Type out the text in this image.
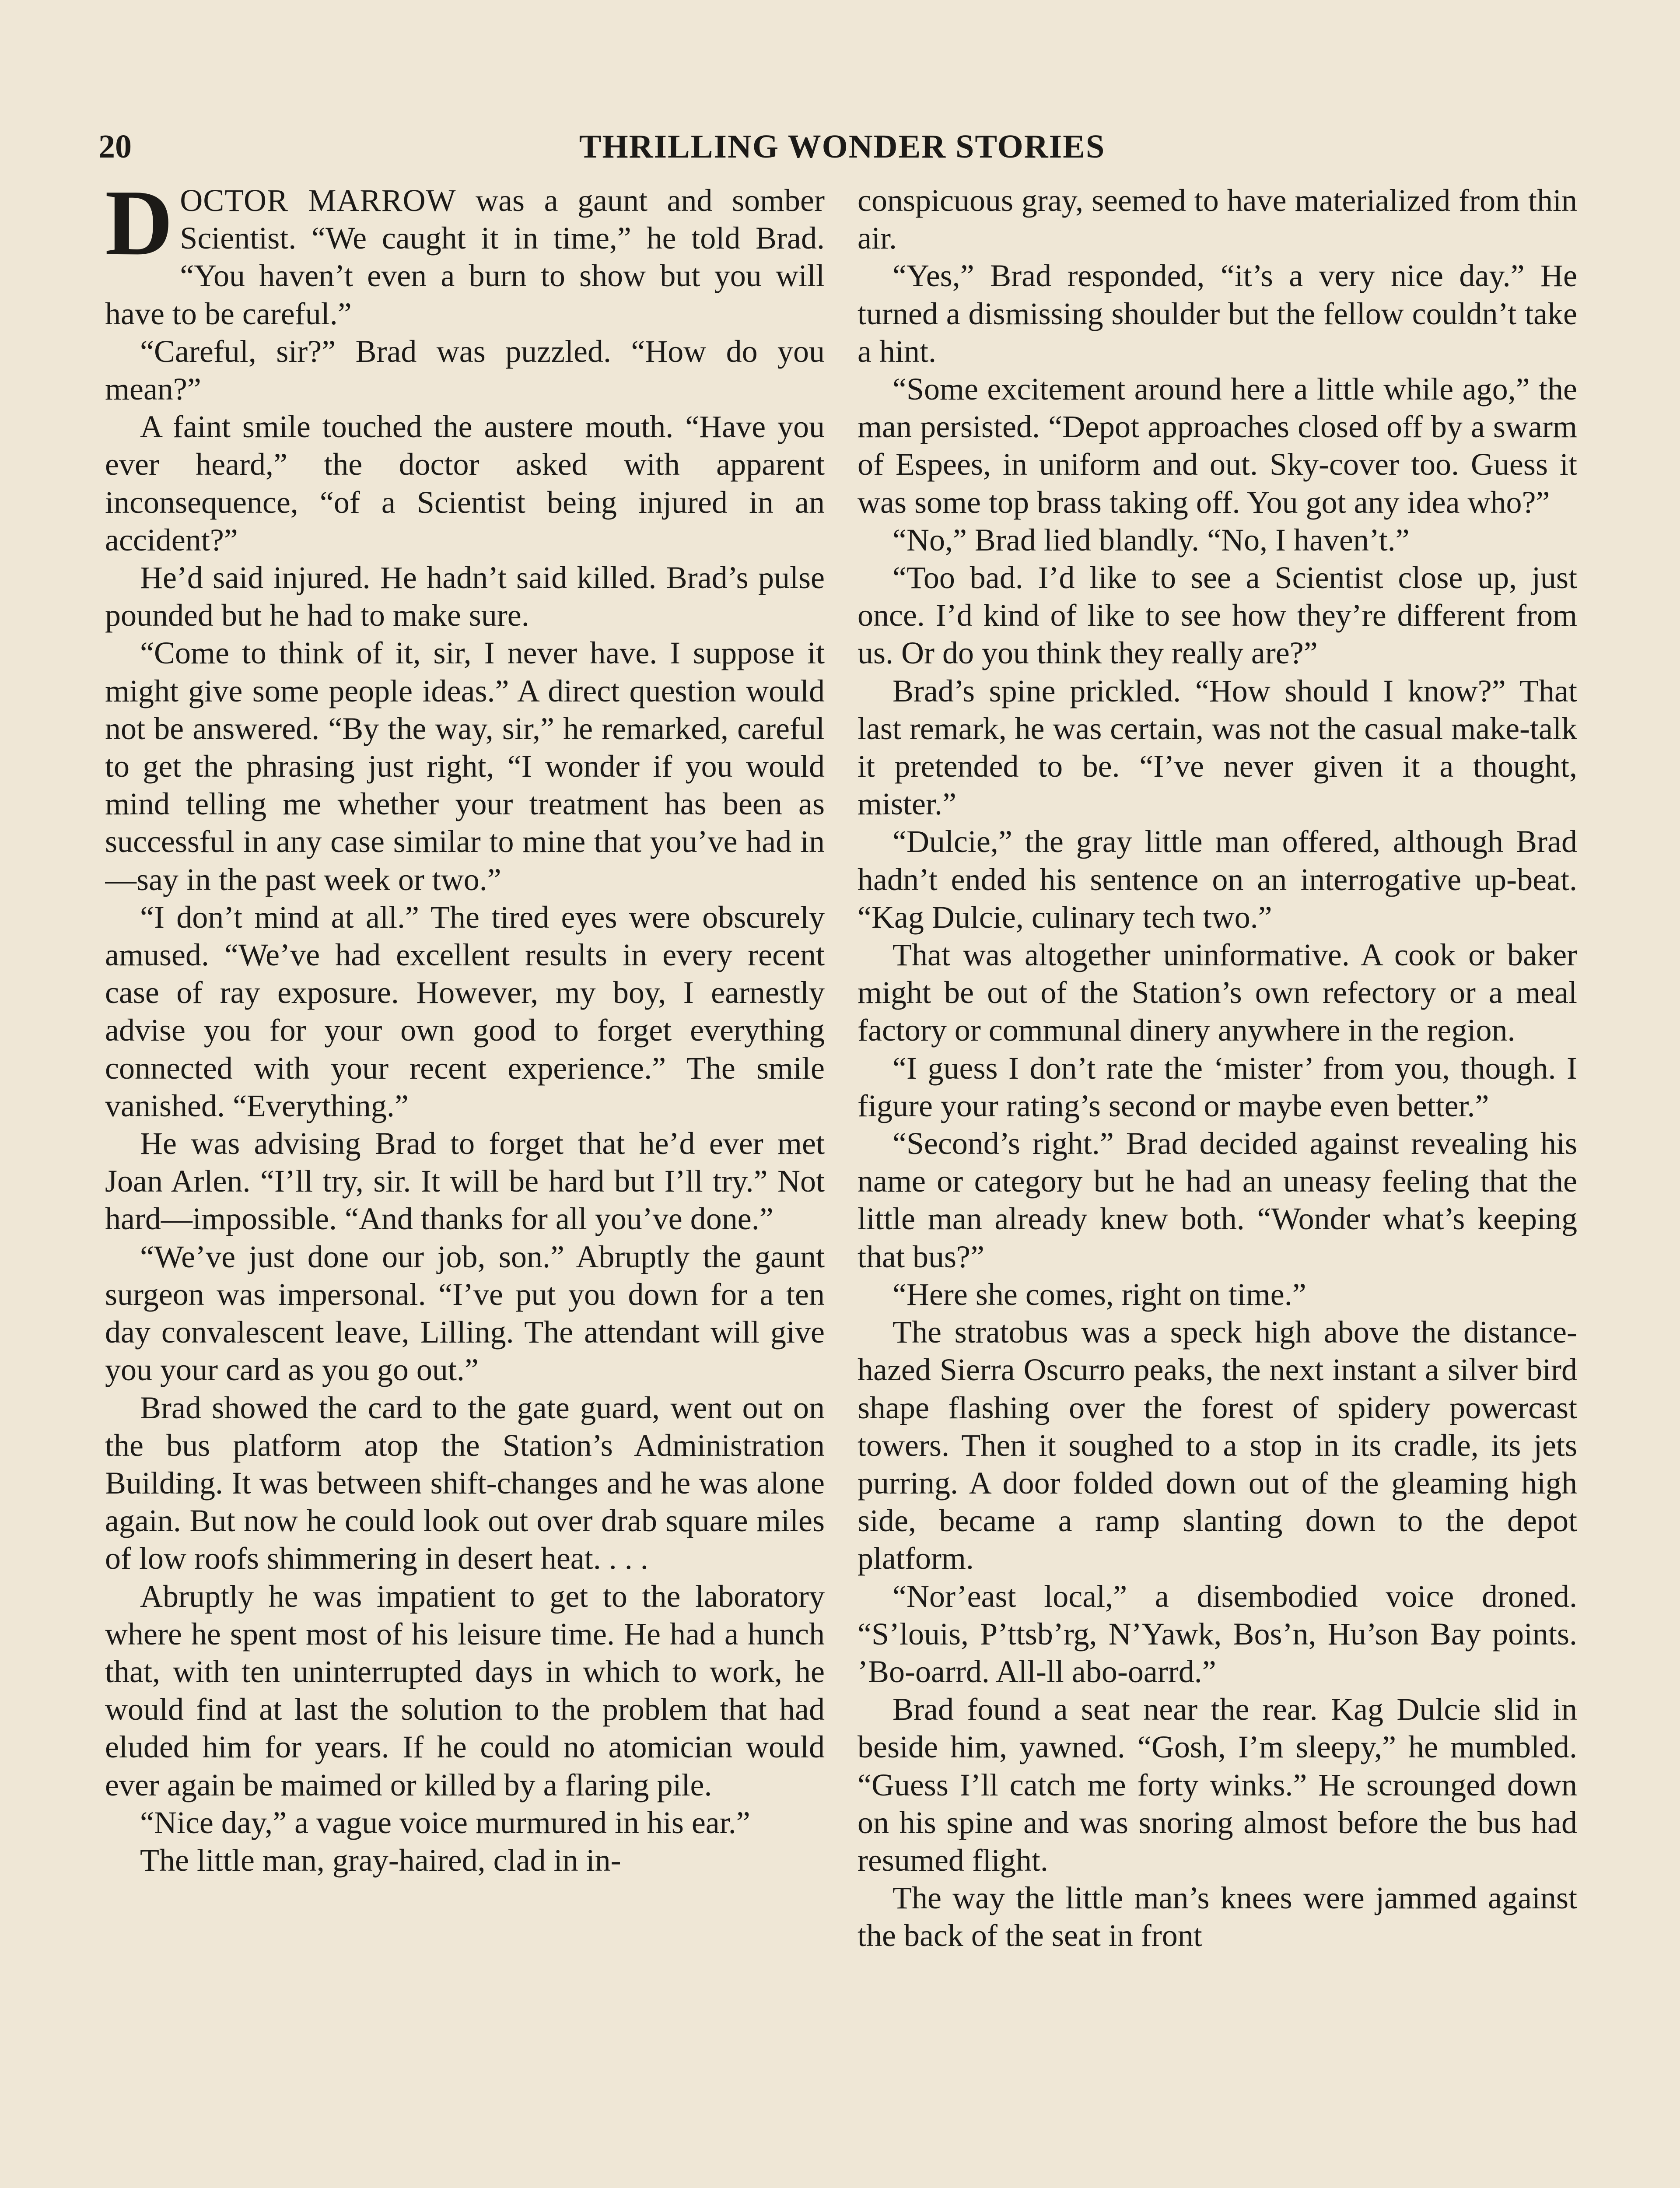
20	THRILLING WONDER STORIES

DOCTOR MARROW was a gaunt and somber Scientist. “We caught it in time,” he told Brad. “You haven’t even a burn to show but you will have to be careful.”

“Careful, sir?” Brad was puzzled. “How do you mean?”

A faint smile touched the austere mouth. “Have you ever heard,” the doctor asked with apparent inconsequence, “of a Scientist being injured in an accident?”

He’d said injured. He hadn’t said killed. Brad’s pulse pounded but he had to make sure.

“Come to think of it, sir, I never have. I suppose it might give some people ideas.” A direct question would not be answered. “By the way, sir,” he remarked, careful to get the phrasing just right, “I wonder if you would mind telling me whether your treatment has been as successful in any case similar to mine that you’ve had in—say in the past week or two.”

“I don’t mind at all.” The tired eyes were obscurely amused. “We’ve had excellent results in every recent case of ray exposure. However, my boy, I earnestly advise you for your own good to forget everything connected with your recent experience.” The smile vanished. “Everything.”

He was advising Brad to forget that he’d ever met Joan Arlen. “I’ll try, sir. It will be hard but I’ll try.” Not hard—impossible. “And thanks for all you’ve done.”

“We’ve just done our job, son.” Abruptly the gaunt surgeon was impersonal. “I’ve put you down for a ten day convalescent leave, Lilling. The attendant will give you your card as you go out.”

Brad showed the card to the gate guard, went out on the bus platform atop the Station’s Administration Building. It was between shift-changes and he was alone again. But now he could look out over drab square miles of low roofs shimmering in desert heat. . . .

Abruptly he was impatient to get to the laboratory where he spent most of his leisure time. He had a hunch that, with ten uninterrupted days in which to work, he would find at last the solution to the problem that had eluded him for years. If he could no atomician would ever again be maimed or killed by a flaring pile.

“Nice day,” a vague voice murmured in his ear.”

The little man, gray-haired, clad in in-

conspicuous gray, seemed to have materialized from thin air.

“Yes,” Brad responded, “it’s a very nice day.” He turned a dismissing shoulder but the fellow couldn’t take a hint.

“Some excitement around here a little while ago,” the man persisted. “Depot approaches closed off by a swarm of Espees, in uniform and out. Sky-cover too. Guess it was some top brass taking off. You got any idea who?”

“No,” Brad lied blandly. “No, I haven’t.”

“Too bad. I’d like to see a Scientist close up, just once. I’d kind of like to see how they’re different from us. Or do you think they really are?”

Brad’s spine prickled. “How should I know?” That last remark, he was certain, was not the casual make-talk it pretended to be. “I’ve never given it a thought, mister.”

“Dulcie,” the gray little man offered, although Brad hadn’t ended his sentence on an interrogative up-beat. “Kag Dulcie, culinary tech two.”

That was altogether uninformative. A cook or baker might be out of the Station’s own refectory or a meal factory or communal dinery anywhere in the region.

“I guess I don’t rate the ‘mister’ from you, though. I figure your rating’s second or maybe even better.”

“Second’s right.” Brad decided against revealing his name or category but he had an uneasy feeling that the little man already knew both. “Wonder what’s keeping that bus?”

“Here she comes, right on time.”

The stratobus was a speck high above the distance-hazed Sierra Oscurro peaks, the next instant a silver bird shape flashing over the forest of spidery powercast towers. Then it soughed to a stop in its cradle, its jets purring. A door folded down out of the gleaming high side, became a ramp slanting down to the depot platform.

“Nor’east local,” a disembodied voice droned. “S’louis, P’ttsb’rg, N’Yawk, Bos’n, Hu’son Bay points. ’Bo-oarrd. All-ll abo-oarrd.”

Brad found a seat near the rear. Kag Dulcie slid in beside him, yawned. “Gosh, I’m sleepy,” he mumbled. “Guess I’ll catch me forty winks.” He scrounged down on his spine and was snoring almost before the bus had resumed flight.

The way the little man’s knees were jammed against the back of the seat in front
